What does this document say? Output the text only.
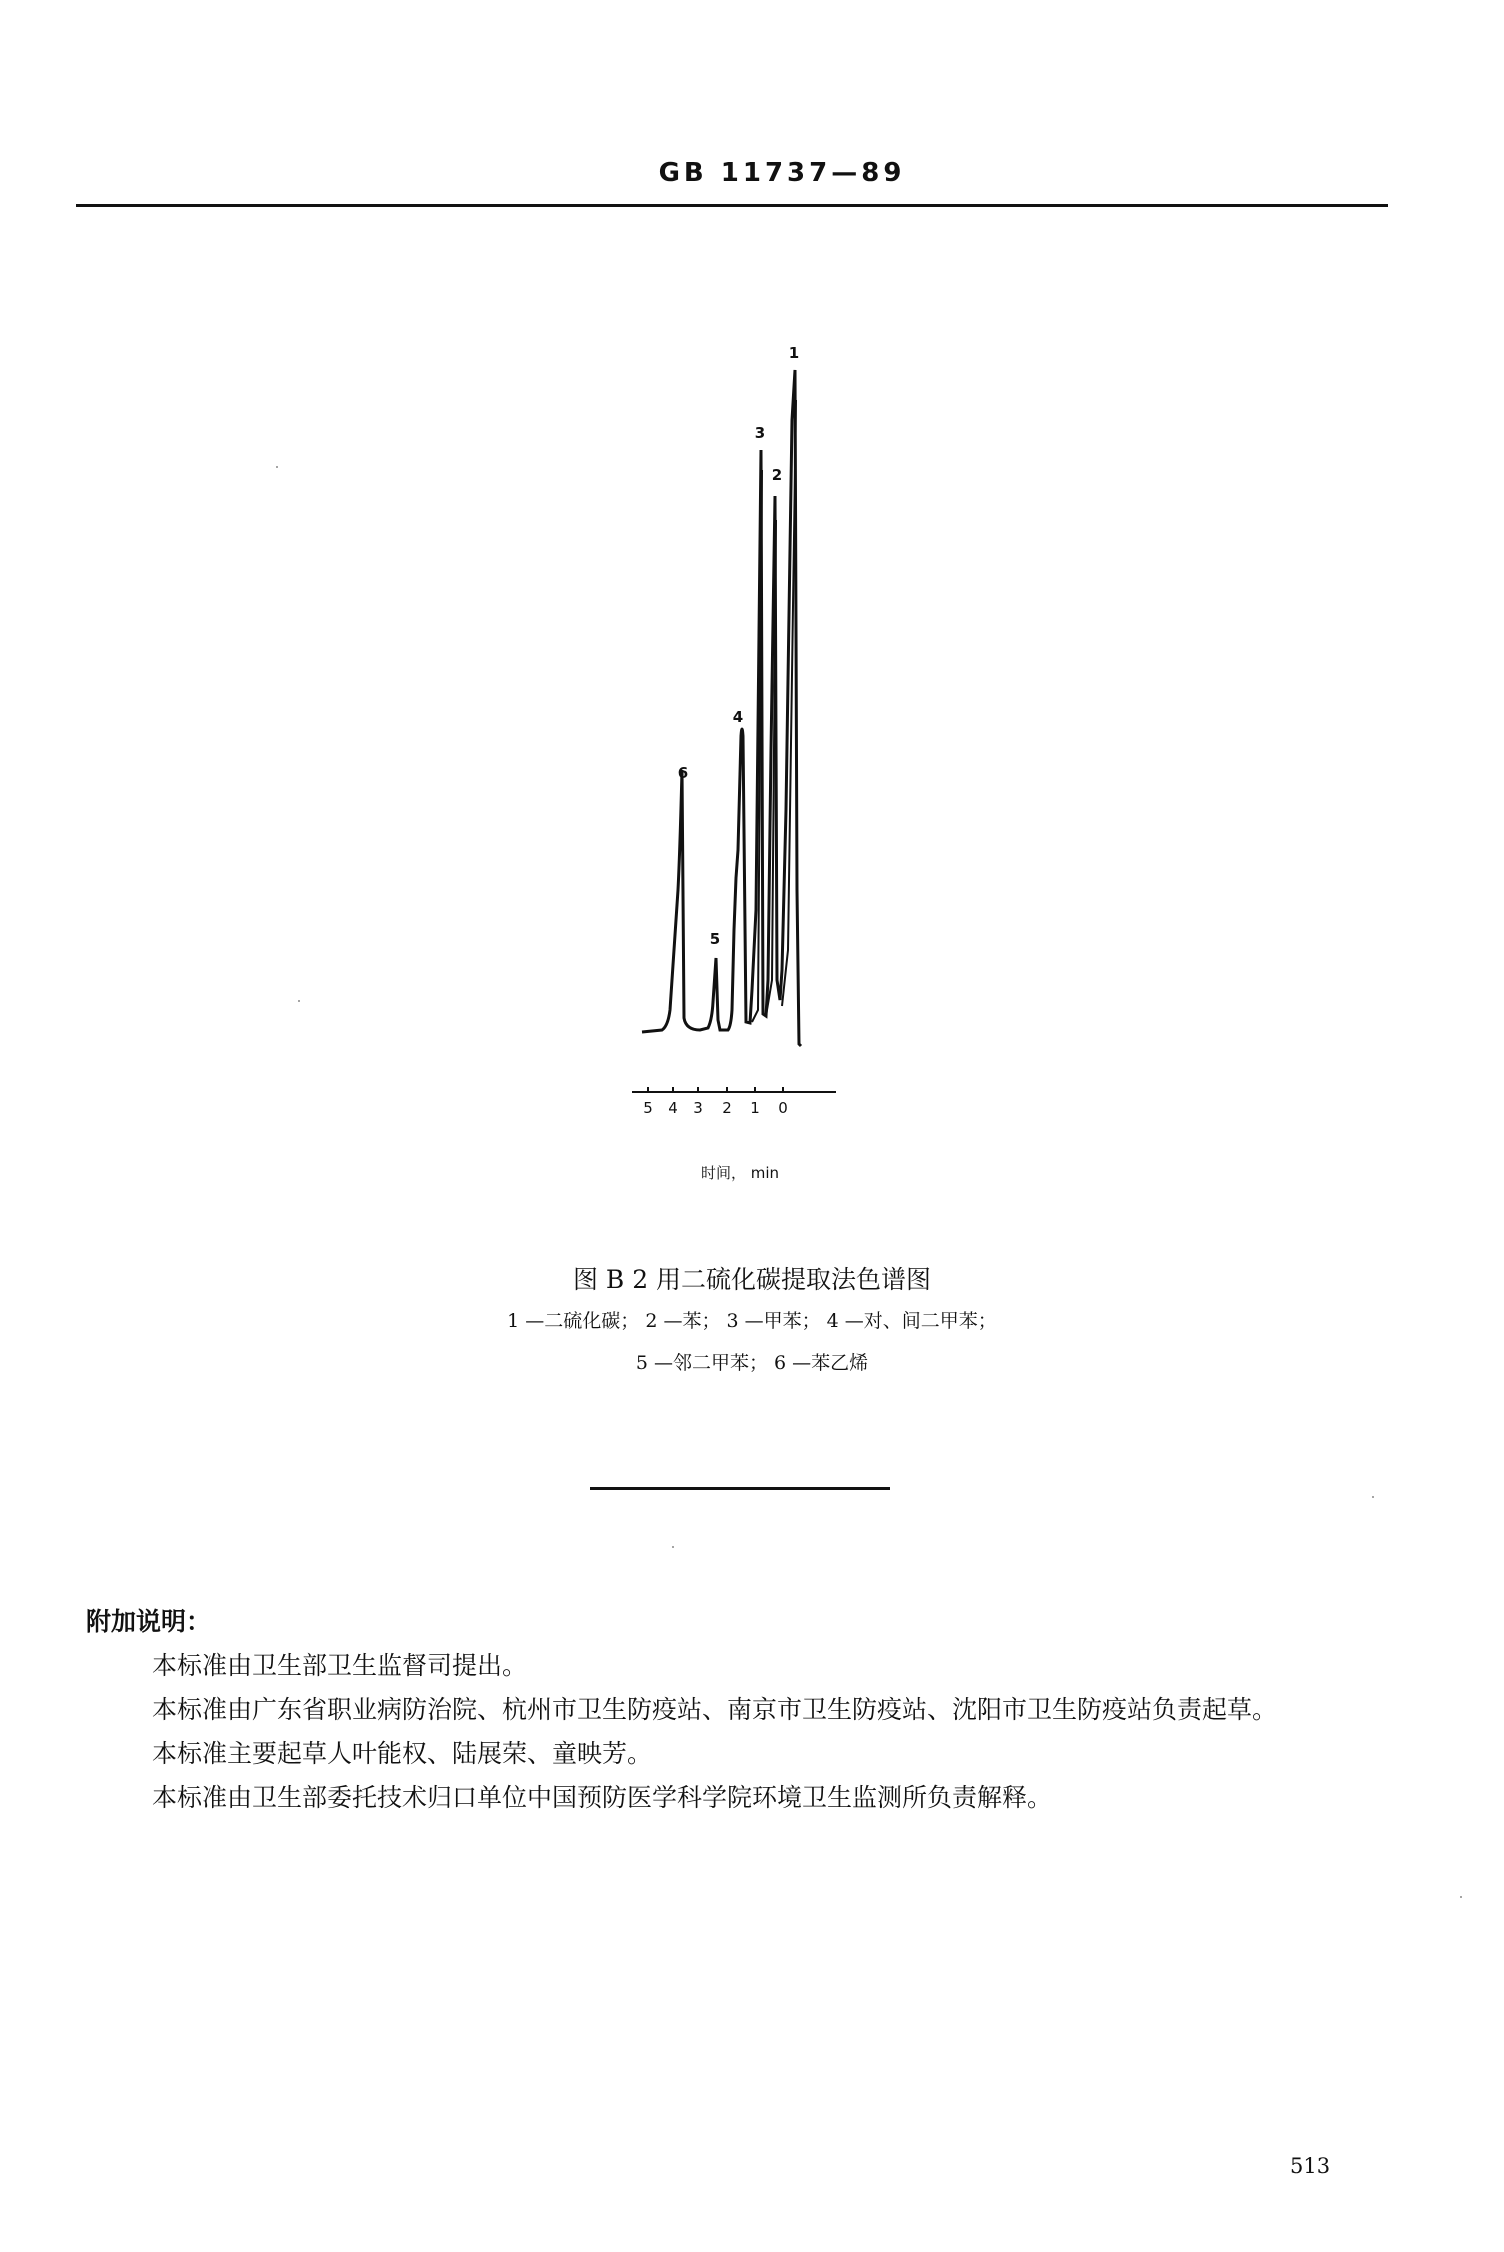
GB 11737—89
5 4 3 2 1 0
1
2
3
4
5
6
时间， min
图 B 2 用二硫化碳提取法色谱图
1 —二硫化碳； 2 —苯； 3 —甲苯； 4 —对、间二甲苯；
5 —邻二甲苯； 6 —苯乙烯
附加说明：

本标准由卫生部卫生监督司提出。

本标准由广东省职业病防治院、杭州市卫生防疫站、南京市卫生防疫站、沈阳市卫生防疫站负责起草。

本标准主要起草人叶能权、陆展荣、童映芳。

本标准由卫生部委托技术归口单位中国预防医学科学院环境卫生监测所负责解释。

513
